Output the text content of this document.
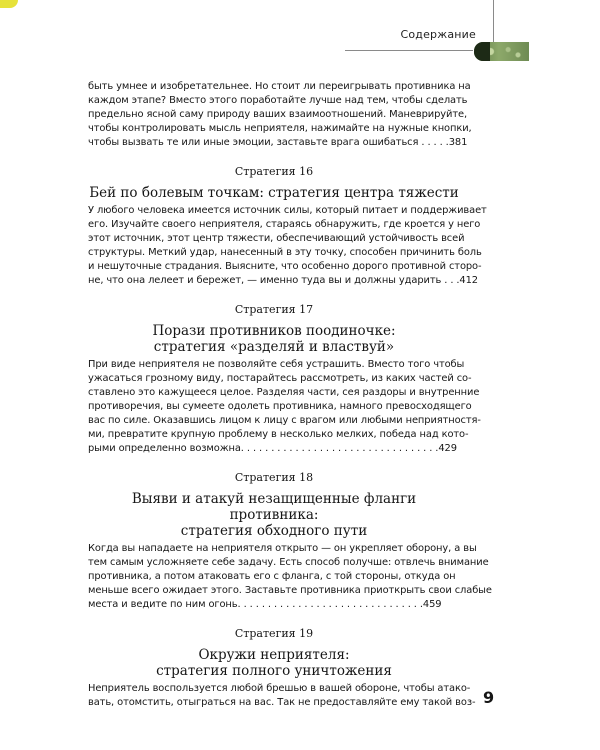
Содержание

быть умнее и изобретательнее. Но стоит ли переигрывать противника на
каждом этапе? Вместо этого поработайте лучше над тем, чтобы сделать
предельно ясной саму природу ваших взаимоотношений. Маневрируйте,
чтобы контролировать мысль неприятеля, нажимайте на нужные кнопки,
чтобы вызвать те или иные эмоции, заставьте врага ошибаться . . . . .381

Стратегия 16
Бей по болевым точкам: стратегия центра тяжести

У любого человека имеется источник силы, который питает и поддерживает
его. Изучайте своего неприятеля, стараясь обнаружить, где кроется у него
этот источник, этот центр тяжести, обеспечивающий устойчивость всей
структуры. Меткий удар, нанесенный в эту точку, способен причинить боль
и нешуточные страдания. Выясните, что особенно дорого противной сторо-
не, что она лелеет и бережет, — именно туда вы и должны ударить . . .412

Стратегия 17
Порази противников поодиночке:
стратегия «разделяй и властвуй»

При виде неприятеля не позволяйте себя устрашить. Вместо того чтобы
ужасаться грозному виду, постарайтесь рассмотреть, из каких частей со-
ставлено это кажущееся целое. Разделяя части, сея раздоры и внутренние
противоречия, вы сумеете одолеть противника, намного превосходящего
вас по силе. Оказавшись лицом к лицу с врагом или любыми неприятностя-
ми, превратите крупную проблему в несколько мелких, победа над кото-
рыми определенно возможна. . . . . . . . . . . . . . . . . . . . . . . . . . . . . . . . .429

Стратегия 18
Выяви и атакуй незащищенные фланги противника:
стратегия обходного пути

Когда вы нападаете на неприятеля открыто — он укрепляет оборону, а вы
тем самым усложняете себе задачу. Есть способ получше: отвлечь внимание
противника, а потом атаковать его с фланга, с той стороны, откуда он
меньше всего ожидает этого. Заставьте противника приоткрыть свои слабые
места и ведите по ним огонь. . . . . . . . . . . . . . . . . . . . . . . . . . . . . . .459

Стратегия 19
Окружи неприятеля:
стратегия полного уничтожения

Неприятель воспользуется любой брешью в вашей обороне, чтобы атако-
вать, отомстить, отыграться на вас. Так не предоставляйте ему такой воз- 9
